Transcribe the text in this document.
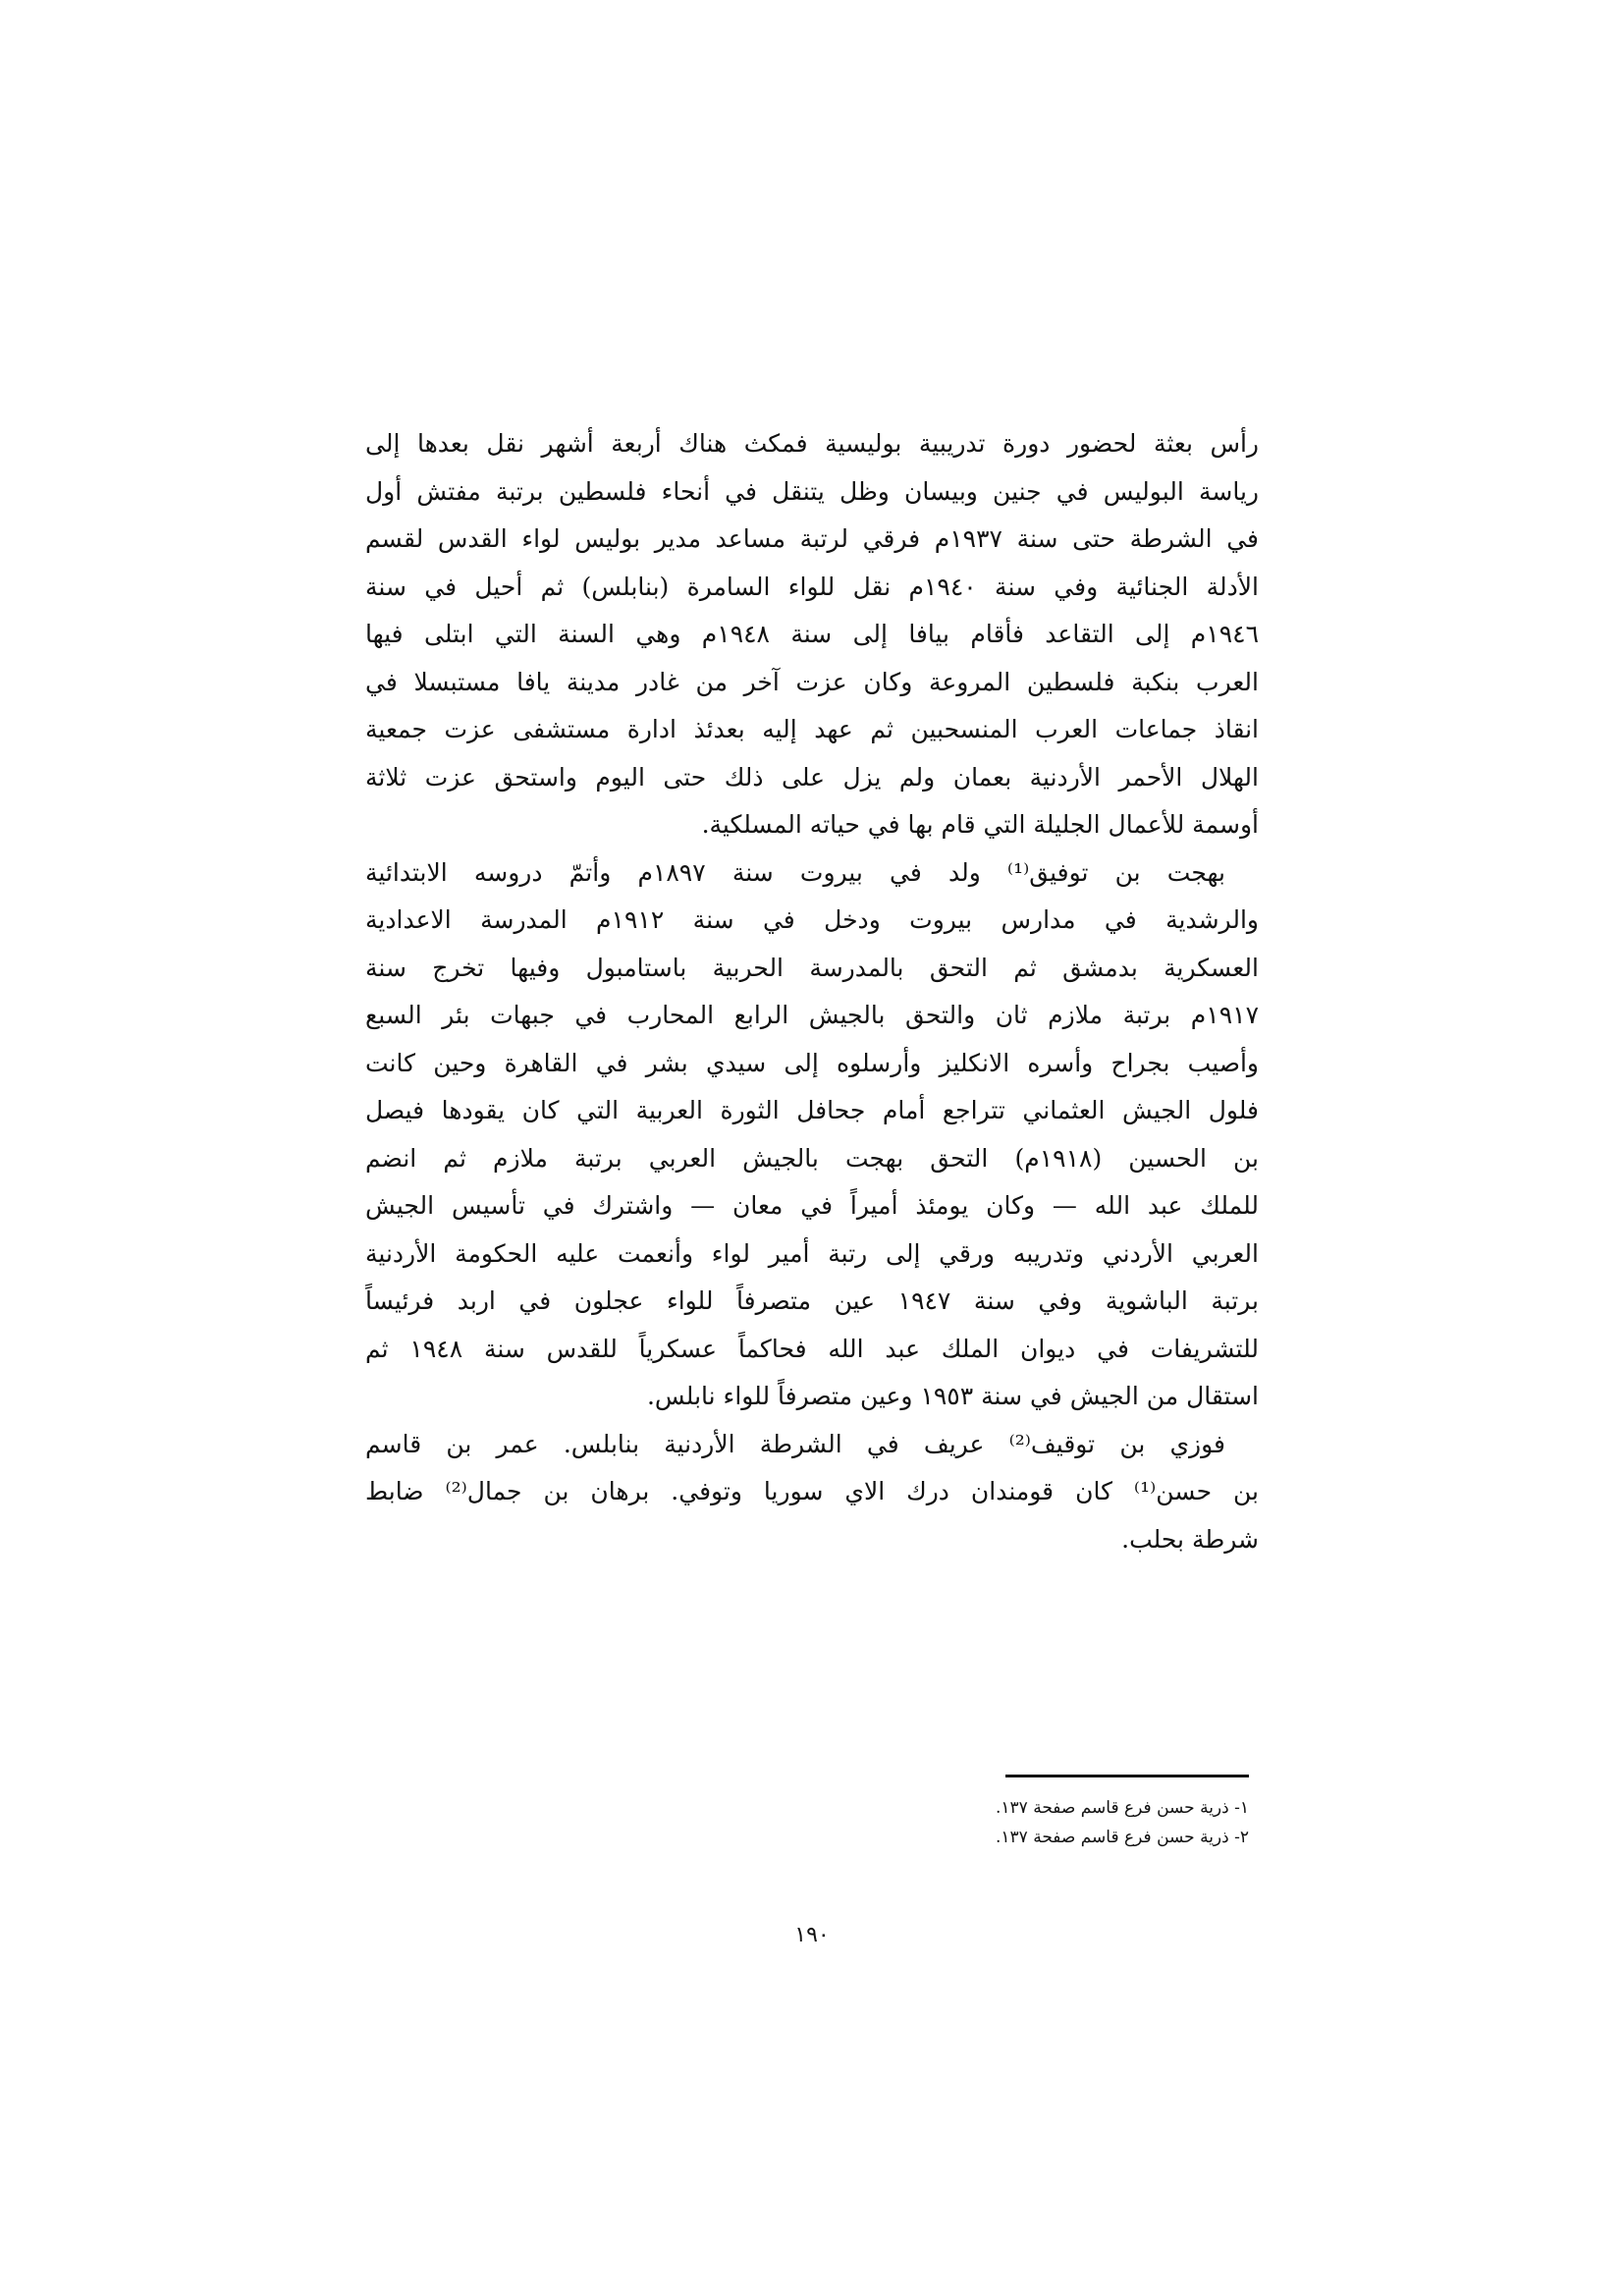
رأس بعثة لحضور دورة تدريبية بوليسية فمكث هناك أربعة أشهر نقل بعدها إلى
رياسة البوليس في جنين وبيسان وظل يتنقل في أنحاء فلسطين برتبة مفتش أول
في الشرطة حتى سنة ١٩٣٧م فرقي لرتبة مساعد مدير بوليس لواء القدس لقسم
الأدلة الجنائية وفي سنة ١٩٤٠م نقل للواء السامرة (بنابلس) ثم أحيل في سنة
١٩٤٦م إلى التقاعد فأقام بيافا إلى سنة ١٩٤٨م وهي السنة التي ابتلى فيها
العرب بنكبة فلسطين المروعة وكان عزت آخر من غادر مدينة يافا مستبسلا في
انقاذ جماعات العرب المنسحبين ثم عهد إليه بعدئذ ادارة مستشفى عزت جمعية
الهلال الأحمر الأردنية بعمان ولم يزل على ذلك حتى اليوم واستحق عزت ثلاثة
أوسمة للأعمال الجليلة التي قام بها في حياته المسلكية.
بهجت بن توفيق⁽¹⁾ ولد في بيروت سنة ١٨٩٧م وأتمّ دروسه الابتدائية
والرشدية في مدارس بيروت ودخل في سنة ١٩١٢م المدرسة الاعدادية
العسكرية بدمشق ثم التحق بالمدرسة الحربية باستامبول وفيها تخرج سنة
١٩١٧م برتبة ملازم ثان والتحق بالجيش الرابع المحارب في جبهات بئر السبع
وأصيب بجراح وأسره الانكليز وأرسلوه إلى سيدي بشر في القاهرة وحين كانت
فلول الجيش العثماني تتراجع أمام جحافل الثورة العربية التي كان يقودها فيصل
بن الحسين (١٩١٨م) التحق بهجت بالجيش العربي برتبة ملازم ثم انضم
للملك عبد الله — وكان يومئذ أميراً في معان — واشترك في تأسيس الجيش
العربي الأردني وتدريبه ورقي إلى رتبة أمير لواء وأنعمت عليه الحكومة الأردنية
برتبة الباشوية وفي سنة ١٩٤٧ عين متصرفاً للواء عجلون في اربد فرئيساً
للتشريفات في ديوان الملك عبد الله فحاكماً عسكرياً للقدس سنة ١٩٤٨ ثم
استقال من الجيش في سنة ١٩٥٣ وعين متصرفاً للواء نابلس.
فوزي بن توقيف⁽²⁾ عريف في الشرطة الأردنية بنابلس. عمر بن قاسم
بن حسن⁽¹⁾ كان قومندان درك الاي سوريا وتوفي. برهان بن جمال⁽²⁾ ضابط
شرطة بحلب.
١- ذرية حسن فرع قاسم صفحة ١٣٧.
٢- ذرية حسن فرع قاسم صفحة ١٣٧.
١٩٠
